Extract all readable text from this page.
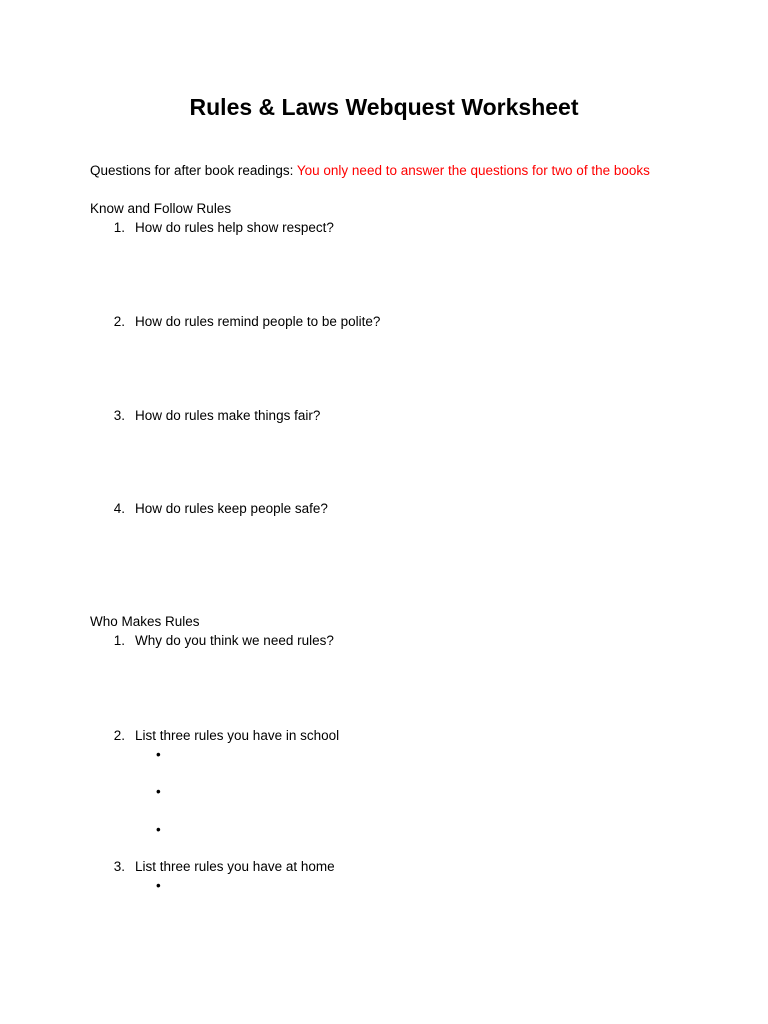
Rules & Laws Webquest Worksheet
Questions for after book readings: You only need to answer the questions for two of the books
Know and Follow Rules
1. How do rules help show respect?
2. How do rules remind people to be polite?
3. How do rules make things fair?
4. How do rules keep people safe?
Who Makes Rules
1. Why do you think we need rules?
2. List three rules you have in school
•
•
•
3. List three rules you have at home
•
